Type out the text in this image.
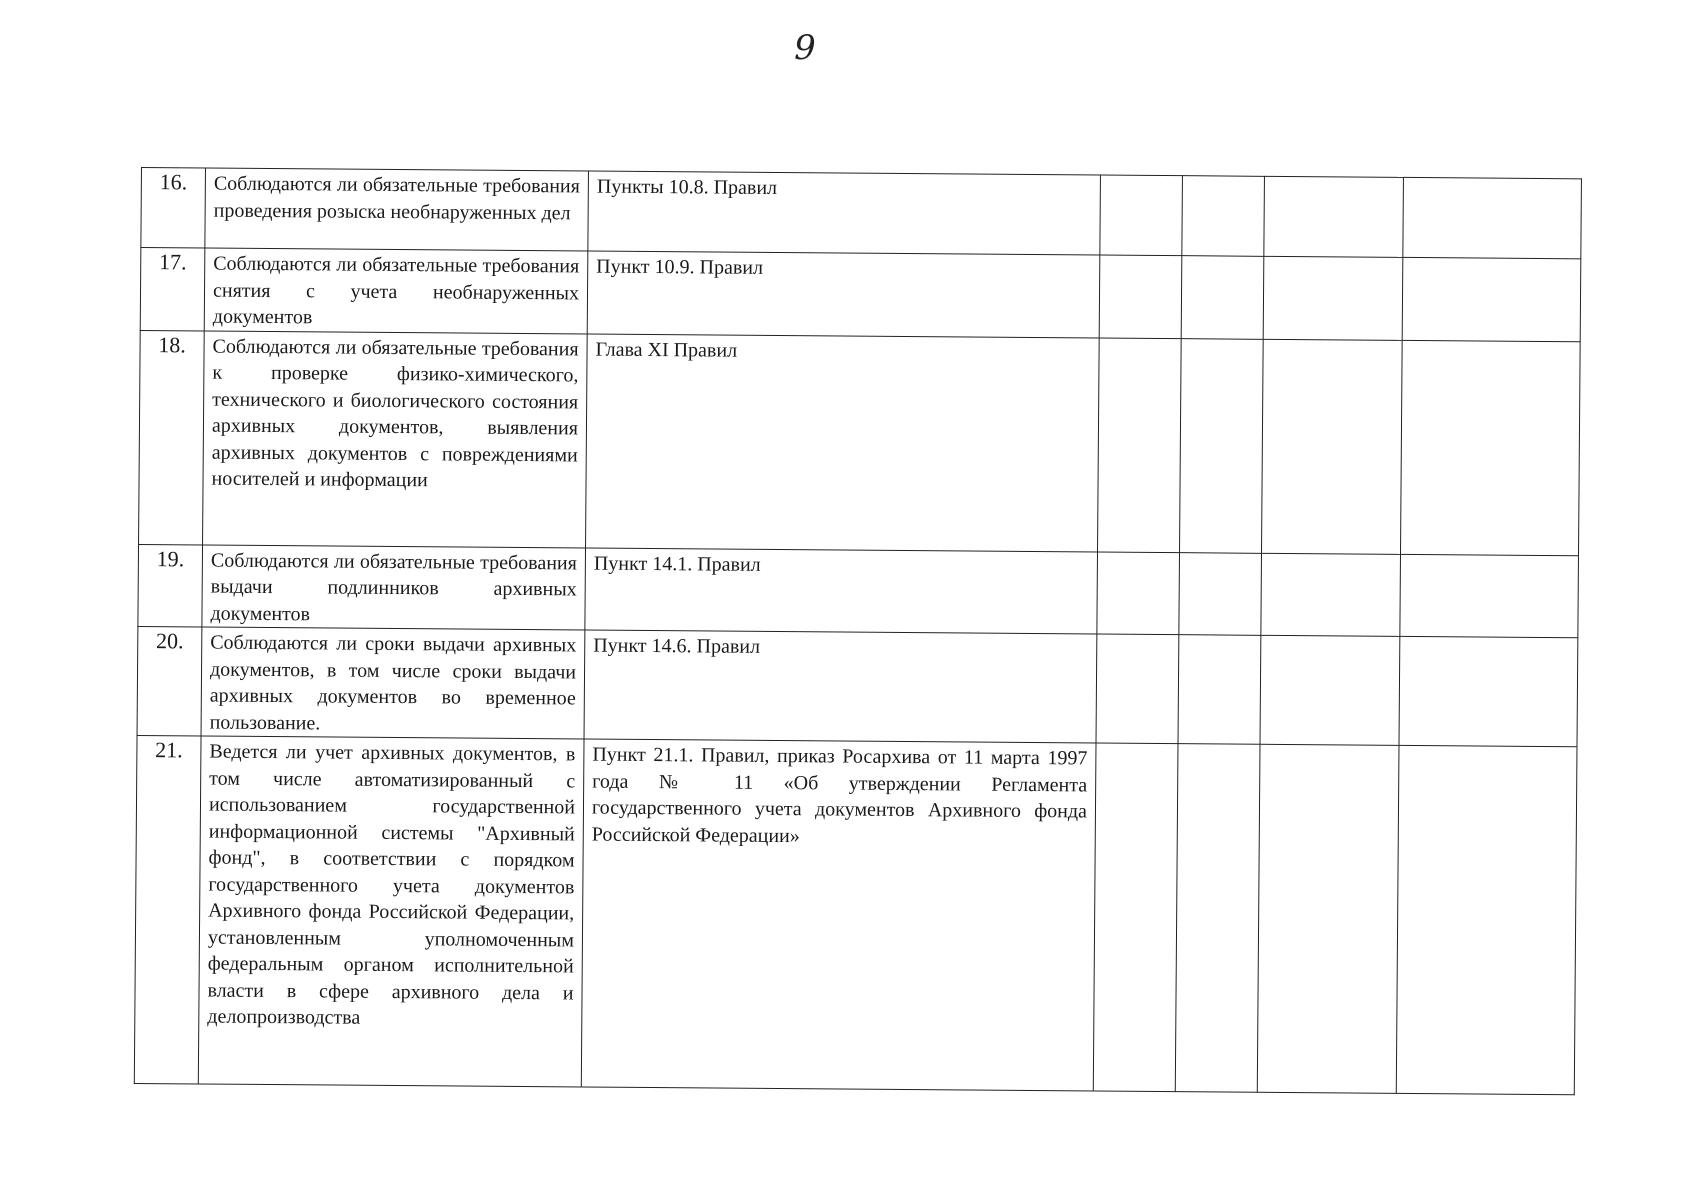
9
16.	Соблюдаются ли обязательные требования проведения розыска необнаруженных дел	Пункты 10.8. Правил				
17.	Соблюдаются ли обязательные требования снятия с учета необнаруженных документов	Пункт 10.9. Правил				
18.	Соблюдаются ли обязательные требования к проверке физико-химического, технического и биологического состояния архивных документов, выявления архивных документов с повреждениями носителей и информации	Глава XI Правил				
19.	Соблюдаются ли обязательные требования выдачи подлинников архивных документов	Пункт 14.1. Правил				
20.	Соблюдаются ли сроки выдачи архивных документов, в том числе сроки выдачи архивных документов во временное пользование.	Пункт 14.6. Правил				
21.	Ведется ли учет архивных документов, в том числе автоматизированный с использованием государственной информационной системы "Архивный фонд", в соответствии с порядком государственного учета документов Архивного фонда Российской Федерации, установленным уполномоченным федеральным органом исполнительной власти в сфере архивного дела и делопроизводства	Пункт 21.1. Правил, приказ Росархива от 11 марта 1997 года № 11 «Об утверждении Регламента государственного учета документов Архивного фонда Российской Федерации»				
